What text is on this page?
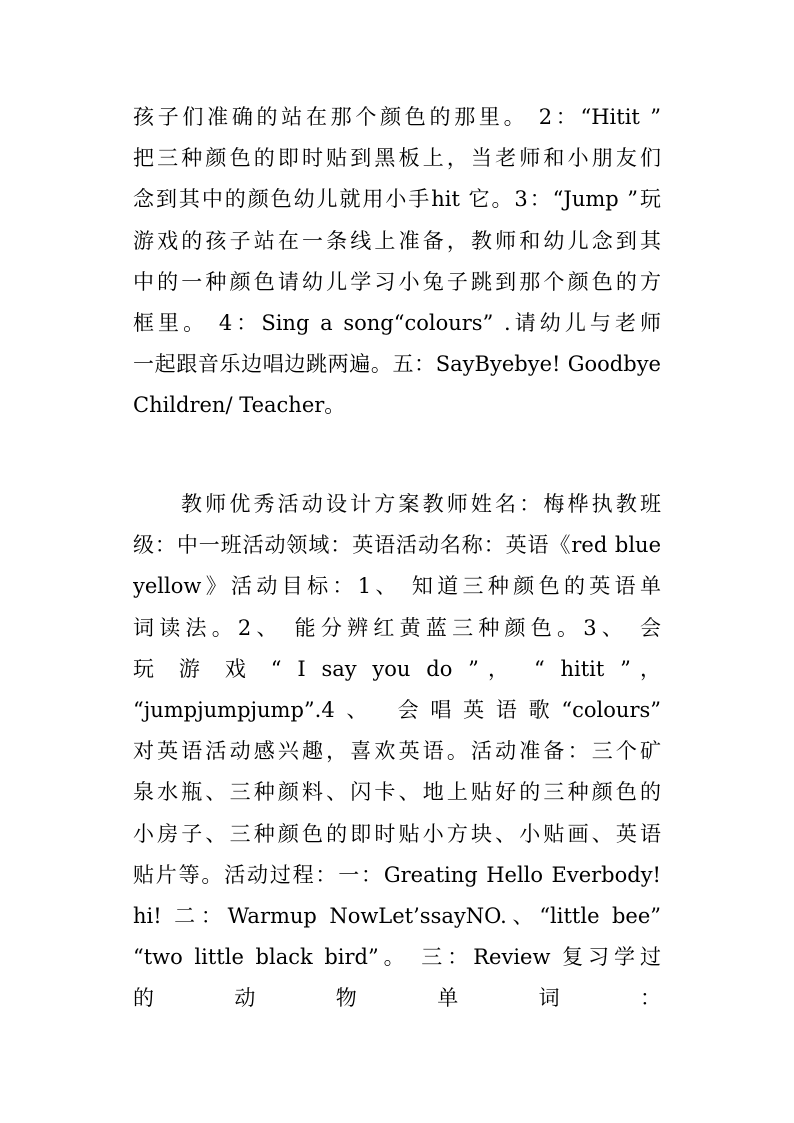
孩子们准确的站在那个颜色的那里。 2：“Hitit ”
把三种颜色的即时贴到黑板上，当老师和小朋友们
念到其中的颜色幼儿就用小手hit 它。3：“Jump ”玩
游戏的孩子站在一条线上准备，教师和幼儿念到其
中的一种颜色请幼儿学习小兔子跳到那个颜色的方
框里。 4：Sing a song“colours” .请幼儿与老师
一起跟音乐边唱边跳两遍。五：SayByebye! Goodbye
Children/ Teacher。
教师优秀活动设计方案教师姓名：梅桦执教班
级：中一班活动领域：英语活动名称：英语《red blue
yellow》活动目标：1、 知道三种颜色的英语单
词读法。2、 能分辨红黄蓝三种颜色。3、 会
玩 游 戏 “ I say you do ”， “ hitit ”，
“jumpjumpjump”.4、 会唱英语歌“colours”
对英语活动感兴趣，喜欢英语。活动准备：三个矿
泉水瓶、三种颜料、闪卡、地上贴好的三种颜色的
小房子、三种颜色的即时贴小方块、小贴画、英语
贴片等。活动过程：一：Greating Hello Everbody!
hi! 二：Warmup NowLet’ssayNO.、“little bee”
“two little black bird”。 三：Review 复习学过
的 动 物 单 词 ：
